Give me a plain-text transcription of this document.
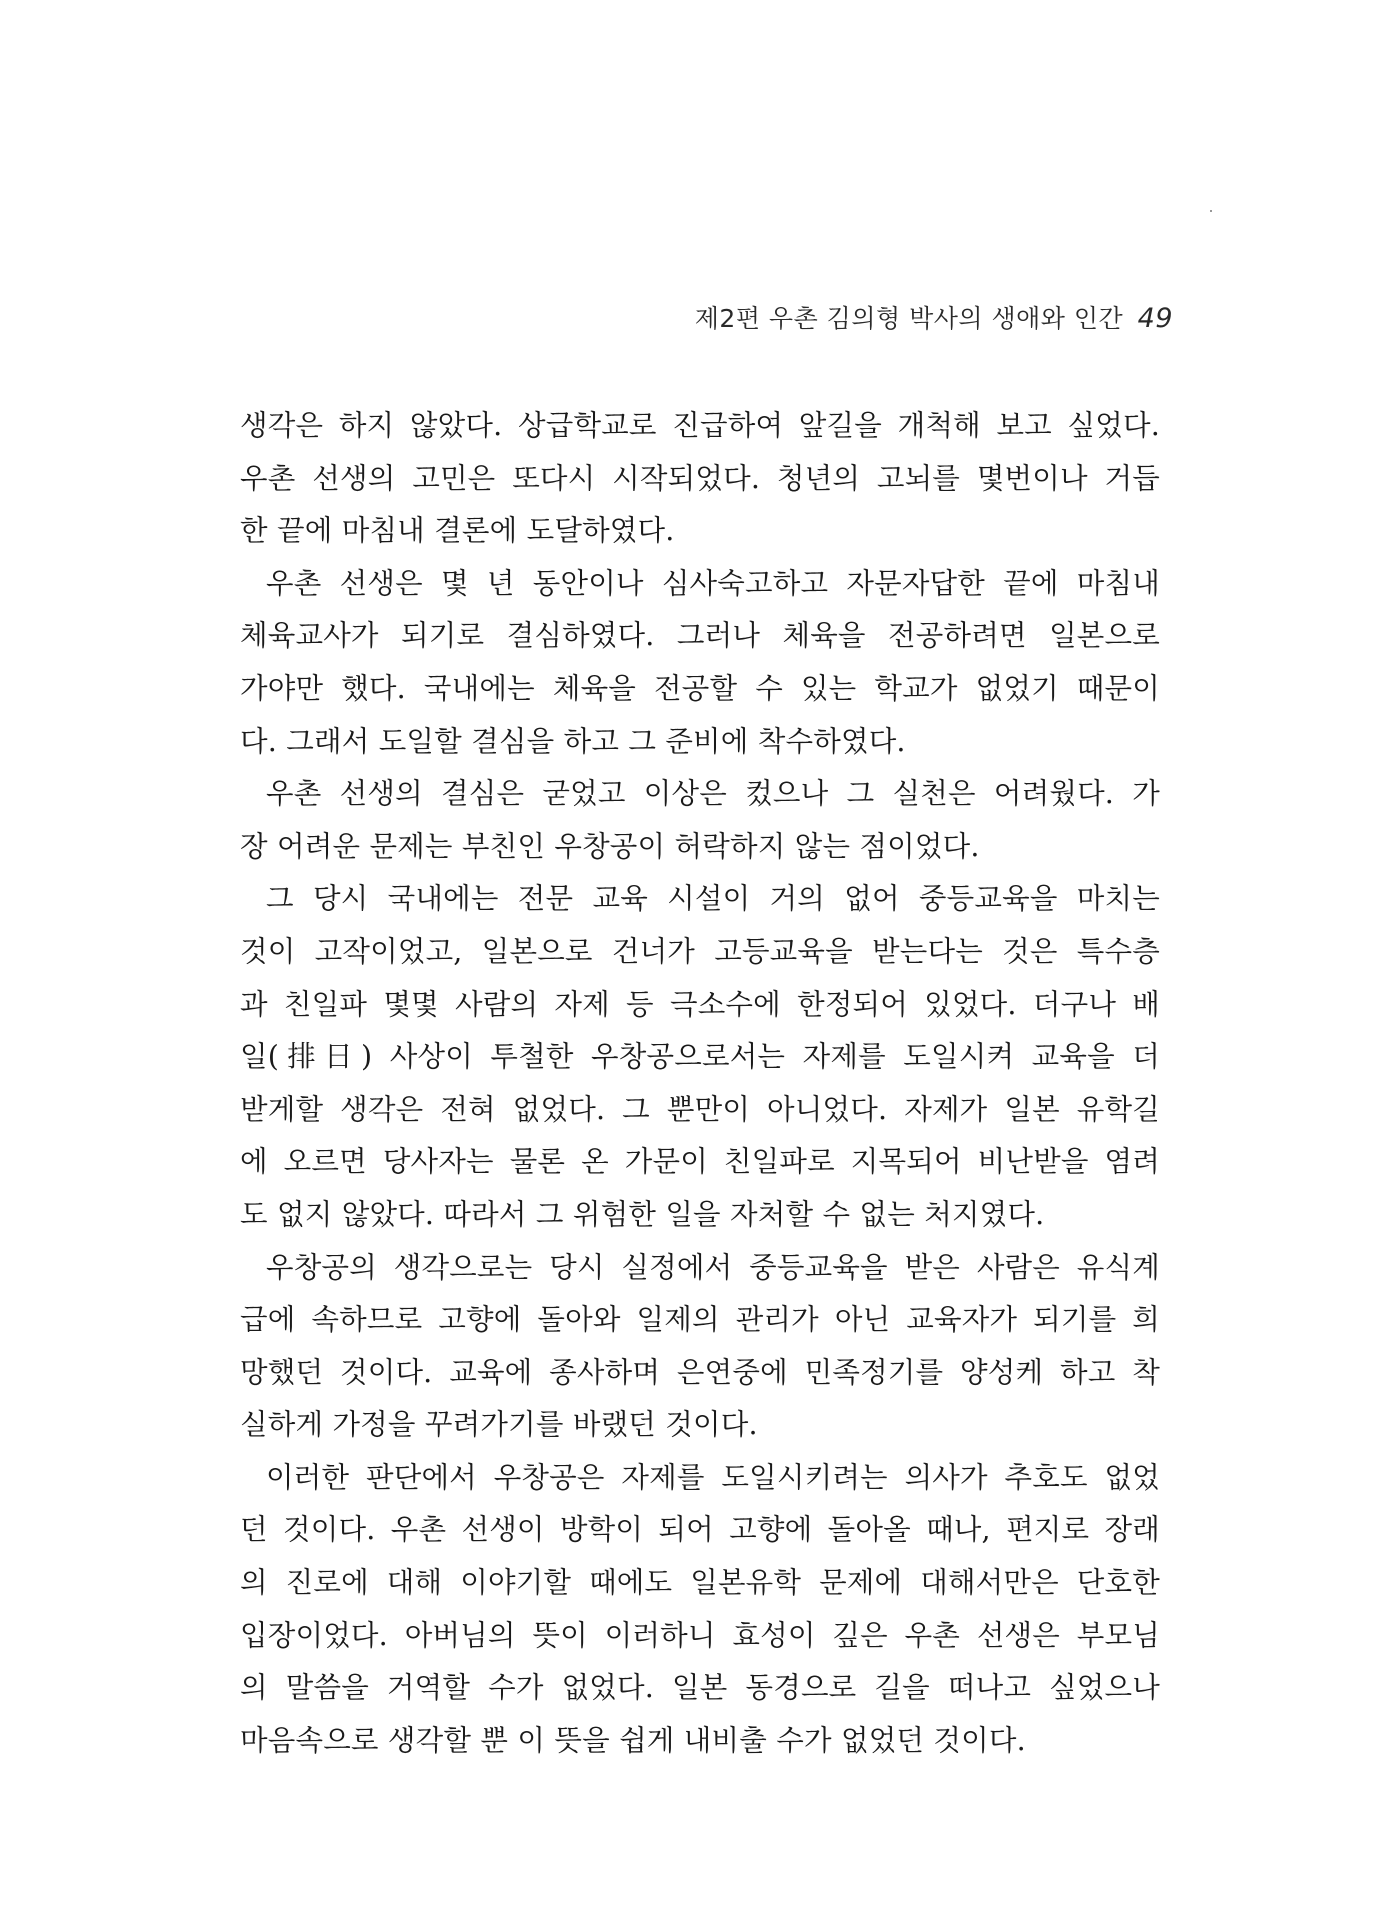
제2편 우촌 김의형 박사의 생애와 인간 49
생각은 하지 않았다. 상급학교로 진급하여 앞길을 개척해 보고 싶었다.
우촌 선생의 고민은 또다시 시작되었다. 청년의 고뇌를 몇번이나 거듭
한 끝에 마침내 결론에 도달하였다.
우촌 선생은 몇 년 동안이나 심사숙고하고 자문자답한 끝에 마침내
체육교사가 되기로 결심하였다. 그러나 체육을 전공하려면 일본으로
가야만 했다. 국내에는 체육을 전공할 수 있는 학교가 없었기 때문이
다. 그래서 도일할 결심을 하고 그 준비에 착수하였다.
우촌 선생의 결심은 굳었고 이상은 컸으나 그 실천은 어려웠다. 가
장 어려운 문제는 부친인 우창공이 허락하지 않는 점이었다.
그 당시 국내에는 전문 교육 시설이 거의 없어 중등교육을 마치는
것이 고작이었고, 일본으로 건너가 고등교육을 받는다는 것은 특수층
과 친일파 몇몇 사람의 자제 등 극소수에 한정되어 있었다. 더구나 배
일(排日) 사상이 투철한 우창공으로서는 자제를 도일시켜 교육을 더
받게할 생각은 전혀 없었다. 그 뿐만이 아니었다. 자제가 일본 유학길
에 오르면 당사자는 물론 온 가문이 친일파로 지목되어 비난받을 염려
도 없지 않았다. 따라서 그 위험한 일을 자처할 수 없는 처지였다.
우창공의 생각으로는 당시 실정에서 중등교육을 받은 사람은 유식계
급에 속하므로 고향에 돌아와 일제의 관리가 아닌 교육자가 되기를 희
망했던 것이다. 교육에 종사하며 은연중에 민족정기를 양성케 하고 착
실하게 가정을 꾸려가기를 바랬던 것이다.
이러한 판단에서 우창공은 자제를 도일시키려는 의사가 추호도 없었
던 것이다. 우촌 선생이 방학이 되어 고향에 돌아올 때나, 편지로 장래
의 진로에 대해 이야기할 때에도 일본유학 문제에 대해서만은 단호한
입장이었다. 아버님의 뜻이 이러하니 효성이 깊은 우촌 선생은 부모님
의 말씀을 거역할 수가 없었다. 일본 동경으로 길을 떠나고 싶었으나
마음속으로 생각할 뿐 이 뜻을 쉽게 내비출 수가 없었던 것이다.
